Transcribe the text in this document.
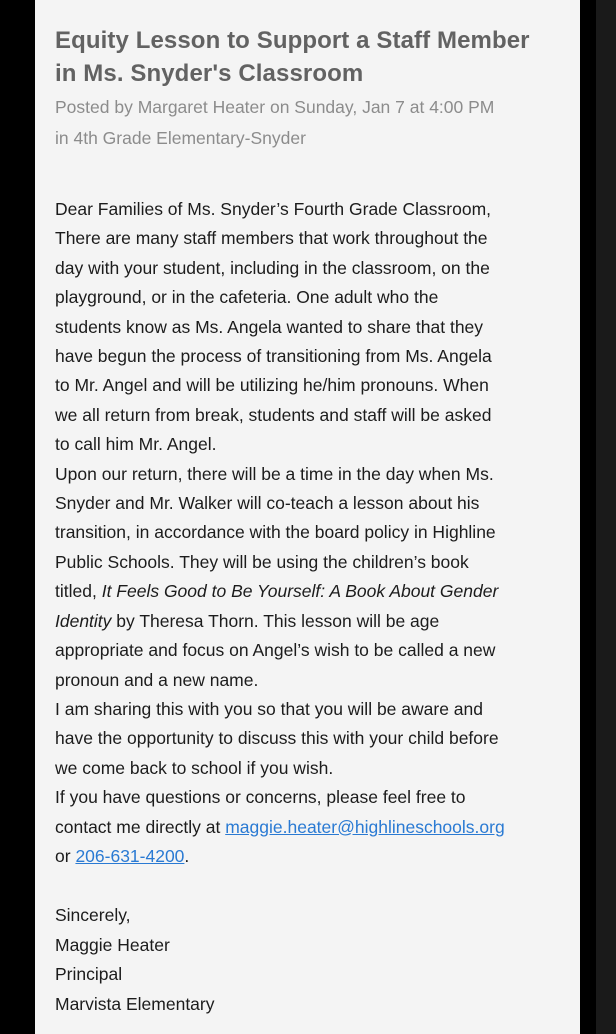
Equity Lesson to Support a Staff Member
in Ms. Snyder's Classroom

Posted by Margaret Heater on Sunday, Jan 7 at 4:00 PM
in 4th Grade Elementary-Snyder

Dear Families of Ms. Snyder’s Fourth Grade Classroom,
There are many staff members that work throughout the
day with your student, including in the classroom, on the
playground, or in the cafeteria. One adult who the
students know as Ms. Angela wanted to share that they
have begun the process of transitioning from Ms. Angela
to Mr. Angel and will be utilizing he/him pronouns. When
we all return from break, students and staff will be asked
to call him Mr. Angel.
Upon our return, there will be a time in the day when Ms.
Snyder and Mr. Walker will co-teach a lesson about his
transition, in accordance with the board policy in Highline
Public Schools. They will be using the children’s book
titled, It Feels Good to Be Yourself: A Book About Gender
Identity by Theresa Thorn. This lesson will be age
appropriate and focus on Angel’s wish to be called a new
pronoun and a new name.
I am sharing this with you so that you will be aware and
have the opportunity to discuss this with your child before
we come back to school if you wish.
If you have questions or concerns, please feel free to
contact me directly at maggie.heater@highlineschools.org
or 206-631-4200.
Sincerely,
Maggie Heater
Principal
Marvista Elementary
